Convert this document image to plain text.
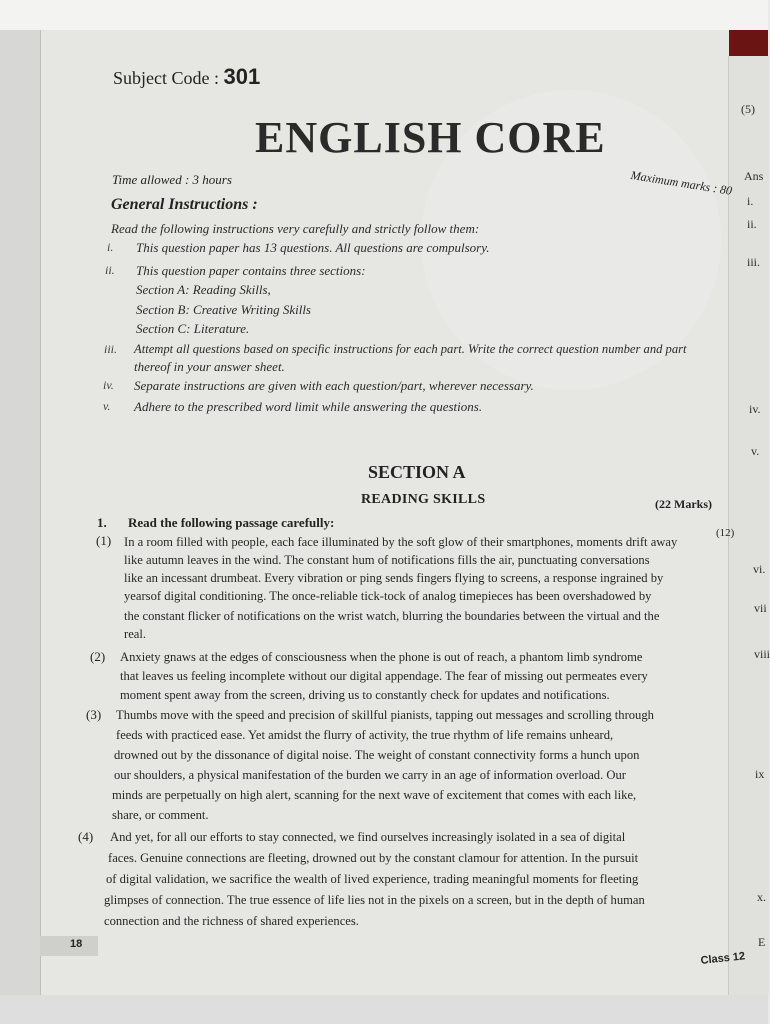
(5)
Ans
i.
ii.
iii.
iv.
v.
vi.
vii
viii
ix
x.
E
Subject Code : 301
ENGLISH CORE
Time allowed : 3 hours	Maximum marks : 80
General Instructions :
Read the following instructions very carefully and strictly follow them:
i. This question paper has 13 questions. All questions are compulsory.
ii. This question paper contains three sections:
Section A: Reading Skills,
Section B: Creative Writing Skills
Section C: Literature.
iii. Attempt all questions based on specific instructions for each part. Write the correct question number and part
thereof in your answer sheet.
iv. Separate instructions are given with each question/part, wherever necessary.
v. Adhere to the prescribed word limit while answering the questions.
SECTION A
READING SKILLS	(22 Marks)
1. Read the following passage carefully:
(12)
(1) In a room filled with people, each face illuminated by the soft glow of their smartphones, moments drift away
like autumn leaves in the wind. The constant hum of notifications fills the air, punctuating conversations
like an incessant drumbeat. Every vibration or ping sends fingers flying to screens, a response ingrained by
yearsof digital conditioning. The once-reliable tick-tock of analog timepieces has been overshadowed by
the constant flicker of notifications on the wrist watch, blurring the boundaries between the virtual and the
real.
(2) Anxiety gnaws at the edges of consciousness when the phone is out of reach, a phantom limb syndrome
that leaves us feeling incomplete without our digital appendage. The fear of missing out permeates every
moment spent away from the screen, driving us to constantly check for updates and notifications.
(3) Thumbs move with the speed and precision of skillful pianists, tapping out messages and scrolling through
feeds with practiced ease. Yet amidst the flurry of activity, the true rhythm of life remains unheard,
drowned out by the dissonance of digital noise. The weight of constant connectivity forms a hunch upon
our shoulders, a physical manifestation of the burden we carry in an age of information overload. Our
minds are perpetually on high alert, scanning for the next wave of excitement that comes with each like,
share, or comment.
(4) And yet, for all our efforts to stay connected, we find ourselves increasingly isolated in a sea of digital
faces. Genuine connections are fleeting, drowned out by the constant clamour for attention. In the pursuit
of digital validation, we sacrifice the wealth of lived experience, trading meaningful moments for fleeting
glimpses of connection. The true essence of life lies not in the pixels on a screen, but in the depth of human
connection and the richness of shared experiences.
18
Class 12
